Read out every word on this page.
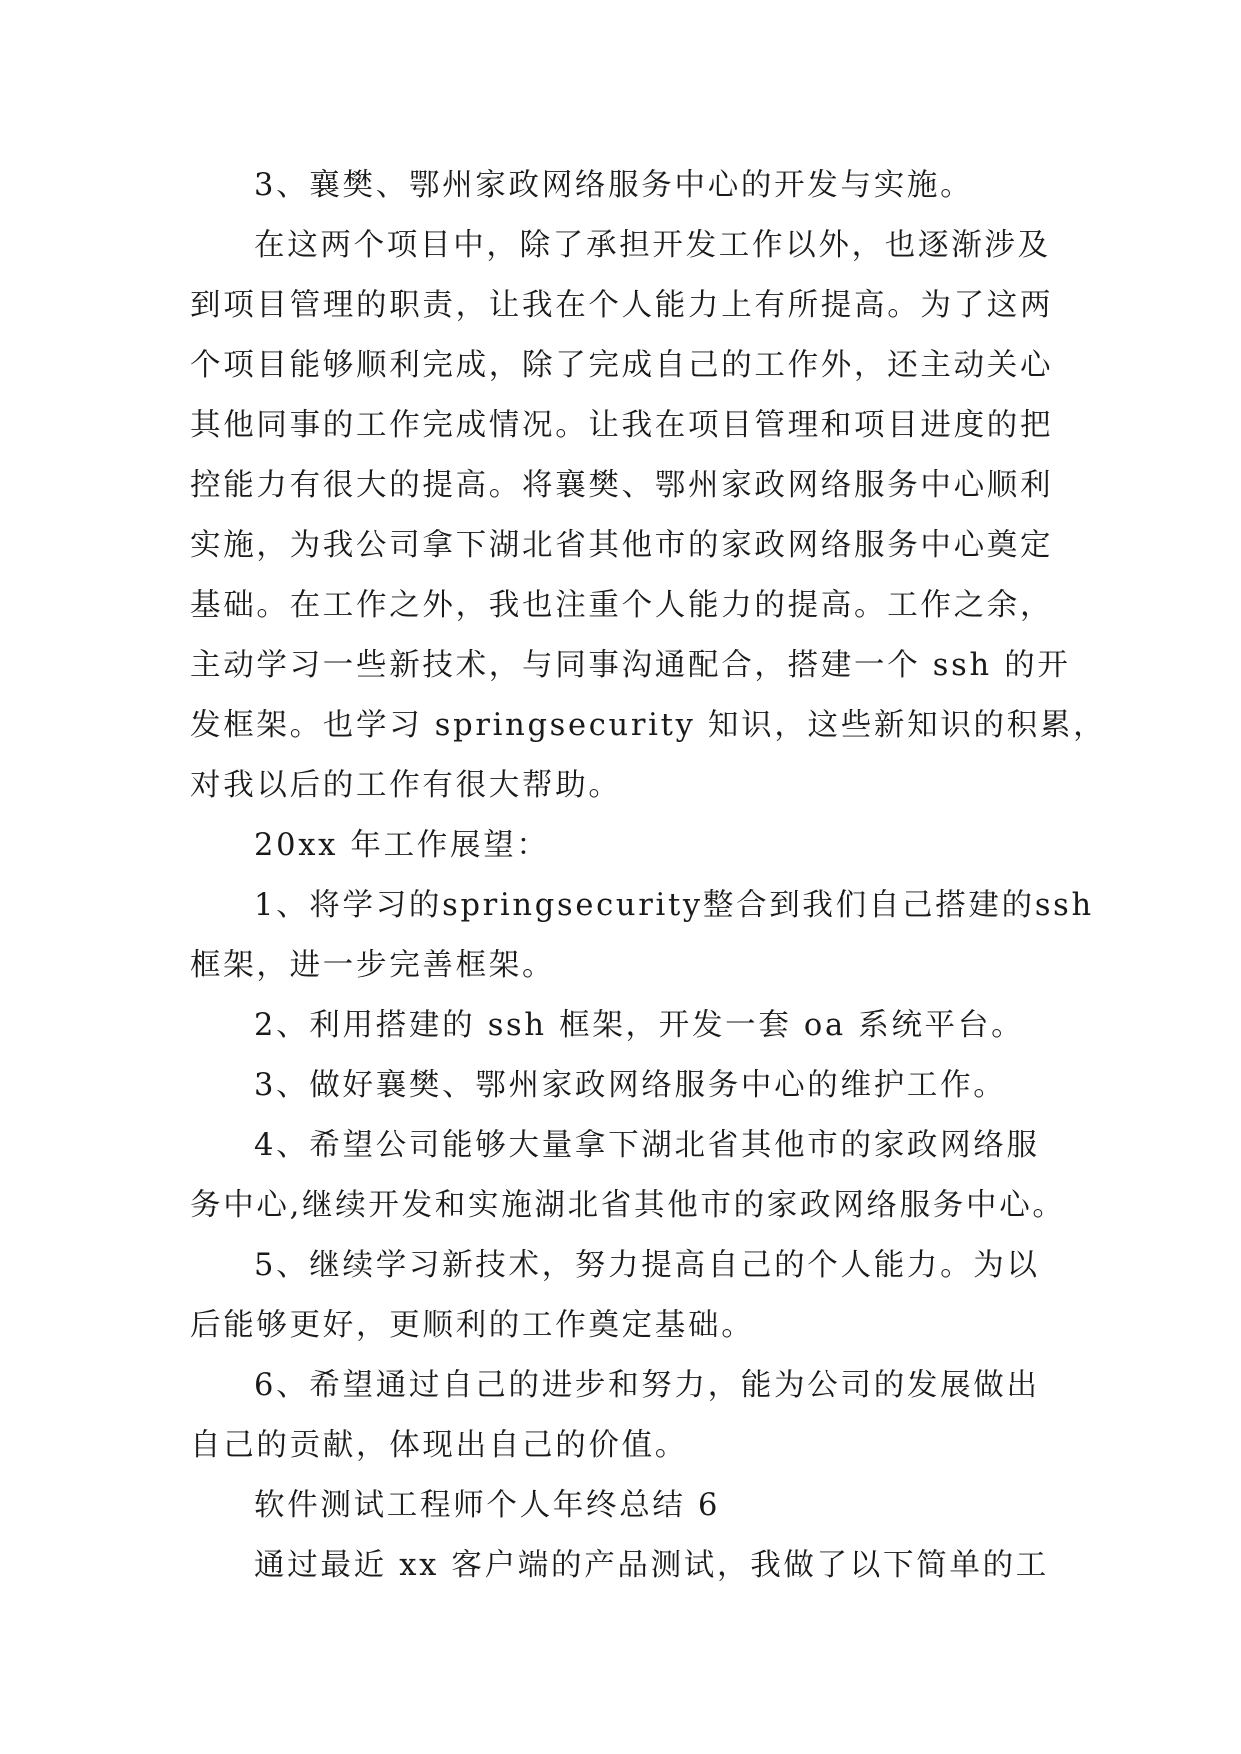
3、襄樊、鄂州家政网络服务中心的开发与实施。
在这两个项目中，除了承担开发工作以外，也逐渐涉及
到项目管理的职责，让我在个人能力上有所提高。为了这两
个项目能够顺利完成，除了完成自己的工作外，还主动关心
其他同事的工作完成情况。让我在项目管理和项目进度的把
控能力有很大的提高。将襄樊、鄂州家政网络服务中心顺利
实施，为我公司拿下湖北省其他市的家政网络服务中心奠定
基础。在工作之外，我也注重个人能力的提高。工作之余，
主动学习一些新技术，与同事沟通配合，搭建一个 ssh 的开
发框架。也学习 springsecurity 知识，这些新知识的积累，
对我以后的工作有很大帮助。
20xx 年工作展望：
1、将学习的springsecurity整合到我们自己搭建的ssh
框架，进一步完善框架。
2、利用搭建的 ssh 框架，开发一套 oa 系统平台。
3、做好襄樊、鄂州家政网络服务中心的维护工作。
4、希望公司能够大量拿下湖北省其他市的家政网络服
务中心,继续开发和实施湖北省其他市的家政网络服务中心。
5、继续学习新技术，努力提高自己的个人能力。为以
后能够更好，更顺利的工作奠定基础。
6、希望通过自己的进步和努力，能为公司的发展做出
自己的贡献，体现出自己的价值。
软件测试工程师个人年终总结 6
通过最近 xx 客户端的产品测试，我做了以下简单的工
